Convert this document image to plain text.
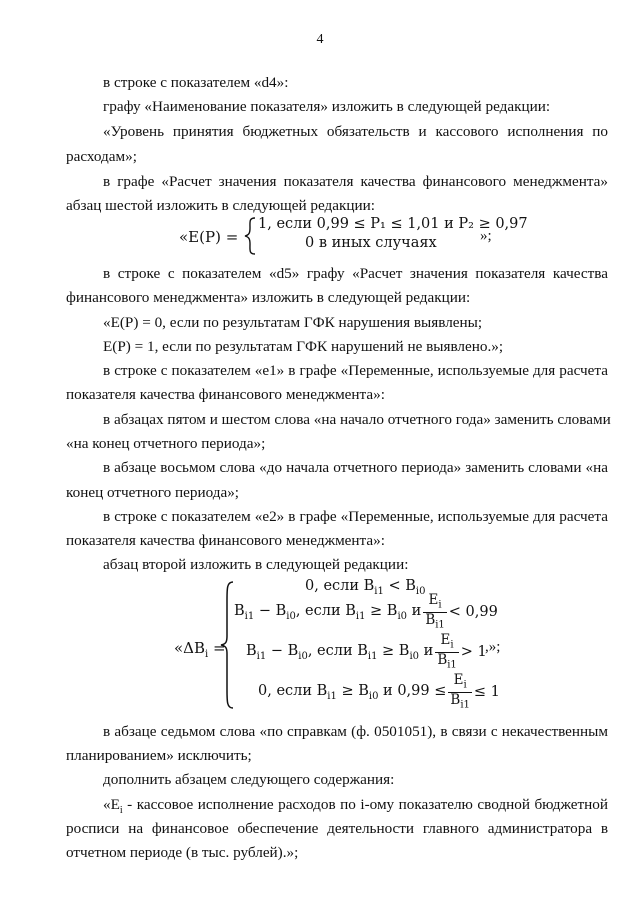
4
в строке с показателем «d4»:
графу «Наименование показателя» изложить в следующей редакции:
«Уровень принятия бюджетных обязательств и кассового исполнения по
расходам»;
в графе «Расчет значения показателя качества финансового менеджмента»
абзац шестой изложить в следующей редакции:
«E(P) =
1, если 0,99 ≤ P₁ ≤ 1,01 и P₂ ≥ 0,97
0 в иных случаях	»;
в строке с показателем «d5» графу «Расчет значения показателя качества
финансового менеджмента» изложить в следующей редакции:
«E(P) = 0, если по результатам ГФК нарушения выявлены;
E(P) = 1, если по результатам ГФК нарушений не выявлено.»;
в строке с показателем «e1» в графе «Переменные, используемые для расчета
показателя качества финансового менеджмента»:
в абзацах пятом и шестом слова «на начало отчетного года» заменить словами
«на конец отчетного периода»;
в абзаце восьмом слова «до начала отчетного периода» заменить словами «на
конец отчетного периода»;
в строке с показателем «e2» в графе «Переменные, используемые для расчета
показателя качества финансового менеджмента»:
абзац второй изложить в следующей редакции:
«$\Delta B_i$ =
0, если $B_{i1} < B_{i0}$
$B_{i1} - B_{i0}$, если $B_{i1} \ge B_{i0}$ и $\frac{E_i}{B_{i1}} < 0,99$
$B_{i1} - B_{i0}$, если $B_{i1} \ge B_{i0}$ и $\frac{E_i}{B_{i1}} > 1$
0, если $B_{i1} \ge B_{i0}$ и $0,99 \le \frac{E_i}{B_{i1}} \le 1$
,»;
в абзаце седьмом слова «по справкам (ф. 0501051), в связи с некачественным
планированием» исключить;
дополнить абзацем следующего содержания:
«$E_i$ - кассовое исполнение расходов по i-ому показателю сводной бюджетной
росписи на финансовое обеспечение деятельности главного администратора в
отчетном периоде (в тыс. рублей).»;
